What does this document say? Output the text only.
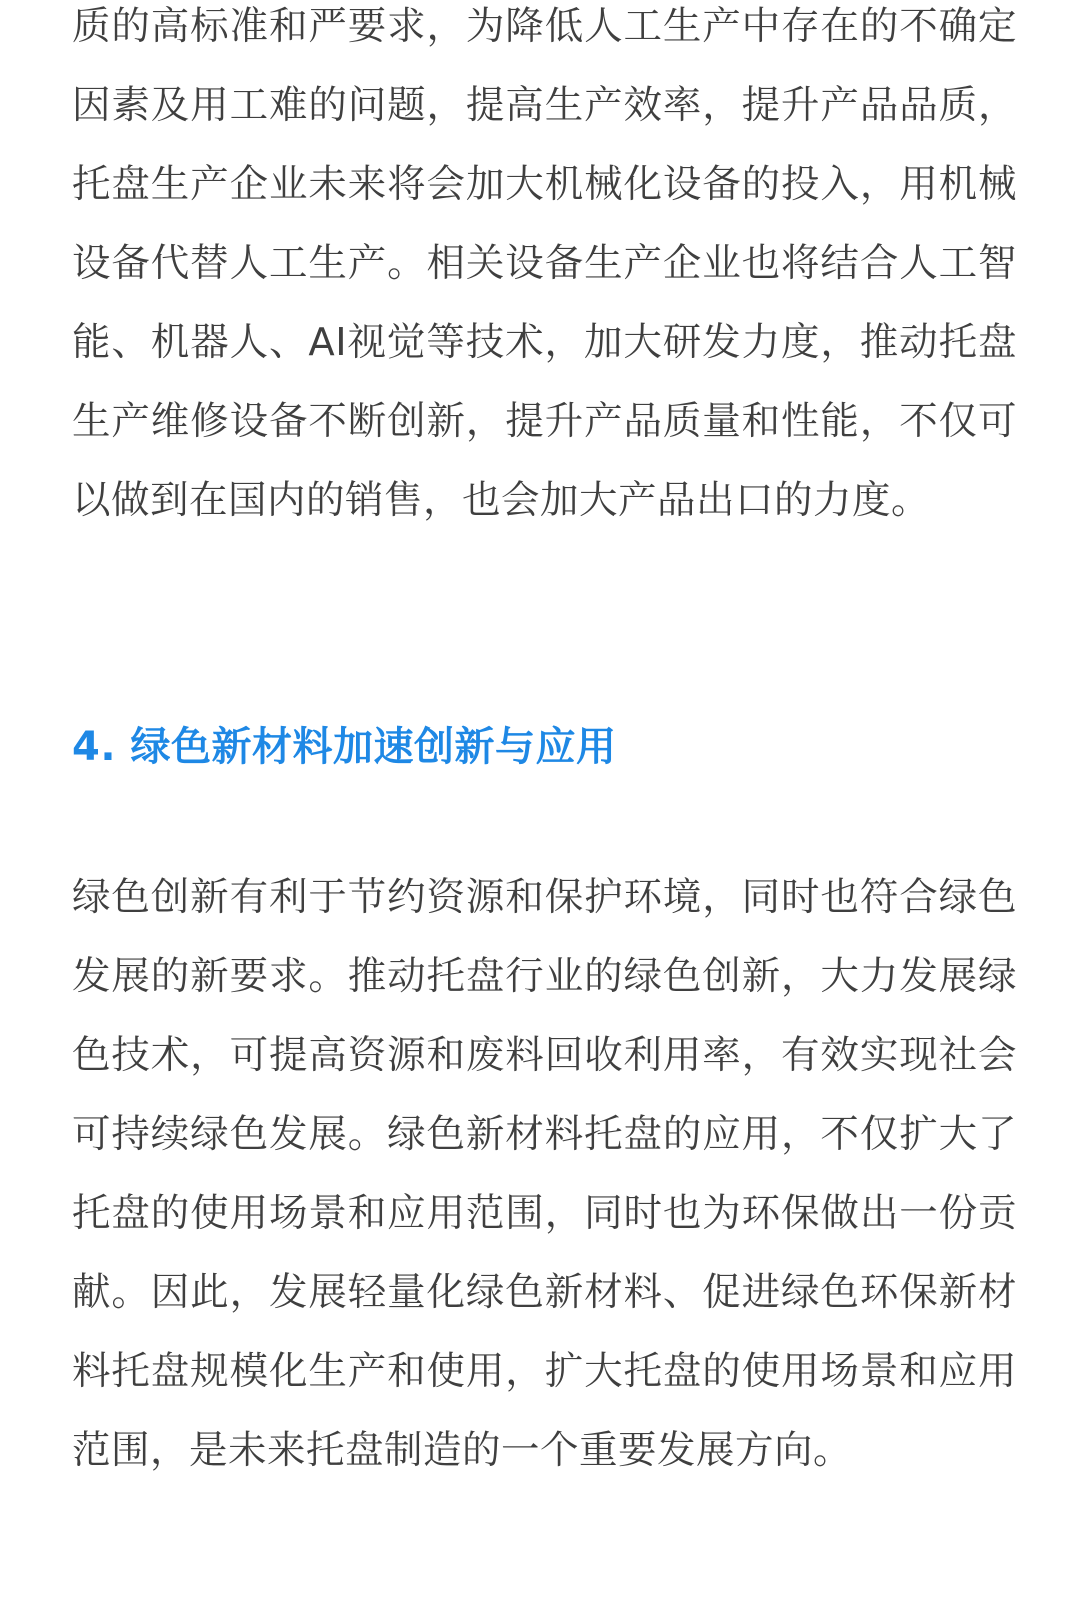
质的高标准和严要求，为降低人工生产中存在的不确定因素及用工难的问题，提高生产效率，提升产品品质，托盘生产企业未来将会加大机械化设备的投入，用机械设备代替人工生产。相关设备生产企业也将结合人工智能、机器人、AI视觉等技术，加大研发力度，推动托盘生产维修设备不断创新，提升产品质量和性能，不仅可以做到在国内的销售，也会加大产品出口的力度。

4. 绿色新材料加速创新与应用

绿色创新有利于节约资源和保护环境，同时也符合绿色发展的新要求。推动托盘行业的绿色创新，大力发展绿色技术，可提高资源和废料回收利用率，有效实现社会可持续绿色发展。绿色新材料托盘的应用，不仅扩大了托盘的使用场景和应用范围，同时也为环保做出一份贡献。因此，发展轻量化绿色新材料、促进绿色环保新材料托盘规模化生产和使用，扩大托盘的使用场景和应用范围，是未来托盘制造的一个重要发展方向。
